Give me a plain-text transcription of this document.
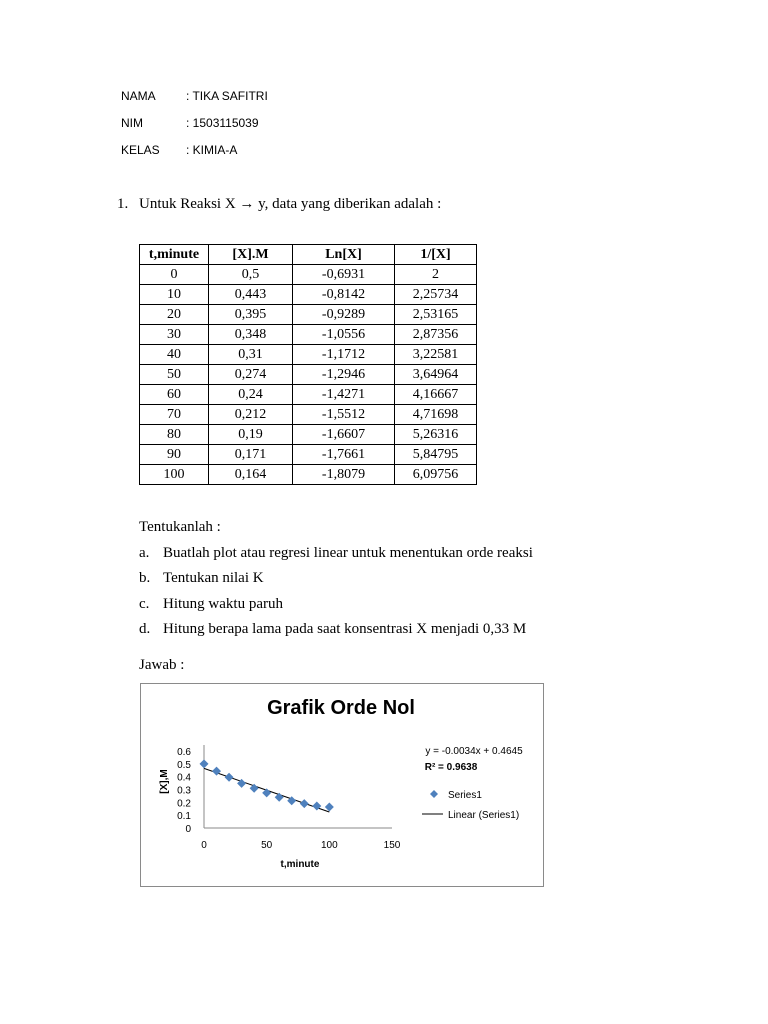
NAMA	: TIKA SAFITRI
NIM	: 1503115039
KELAS : KIMIA-A
1. Untuk Reaksi X → y, data yang diberikan adalah :
t,minute	[X].M	Ln[X]	1/[X]
0	0,5	-0,6931	2
10	0,443	-0,8142	2,25734
20	0,395	-0,9289	2,53165
30	0,348	-1,0556	2,87356
40	0,31	-1,1712	3,22581
50	0,274	-1,2946	3,64964
60	0,24	-1,4271	4,16667
70	0,212	-1,5512	4,71698
80	0,19	-1,6607	5,26316
90	0,171	-1,7661	5,84795
100	0,164	-1,8079	6,09756
Tentukanlah :
a. Buatlah plot atau regresi linear untuk menentukan orde reaksi
b. Tentukan nilai K
c. Hitung waktu paruh
d. Hitung berapa lama pada saat konsentrasi X menjadi 0,33 M
Jawab :
Grafik Orde Nol
0
0.1
0.2
0.3
0.4
0.5
0.6
0	50	100	150
t,minute
[X],M
y = -0.0034x + 0.4645
R² = 0.9638
Series1
Linear (Series1)
